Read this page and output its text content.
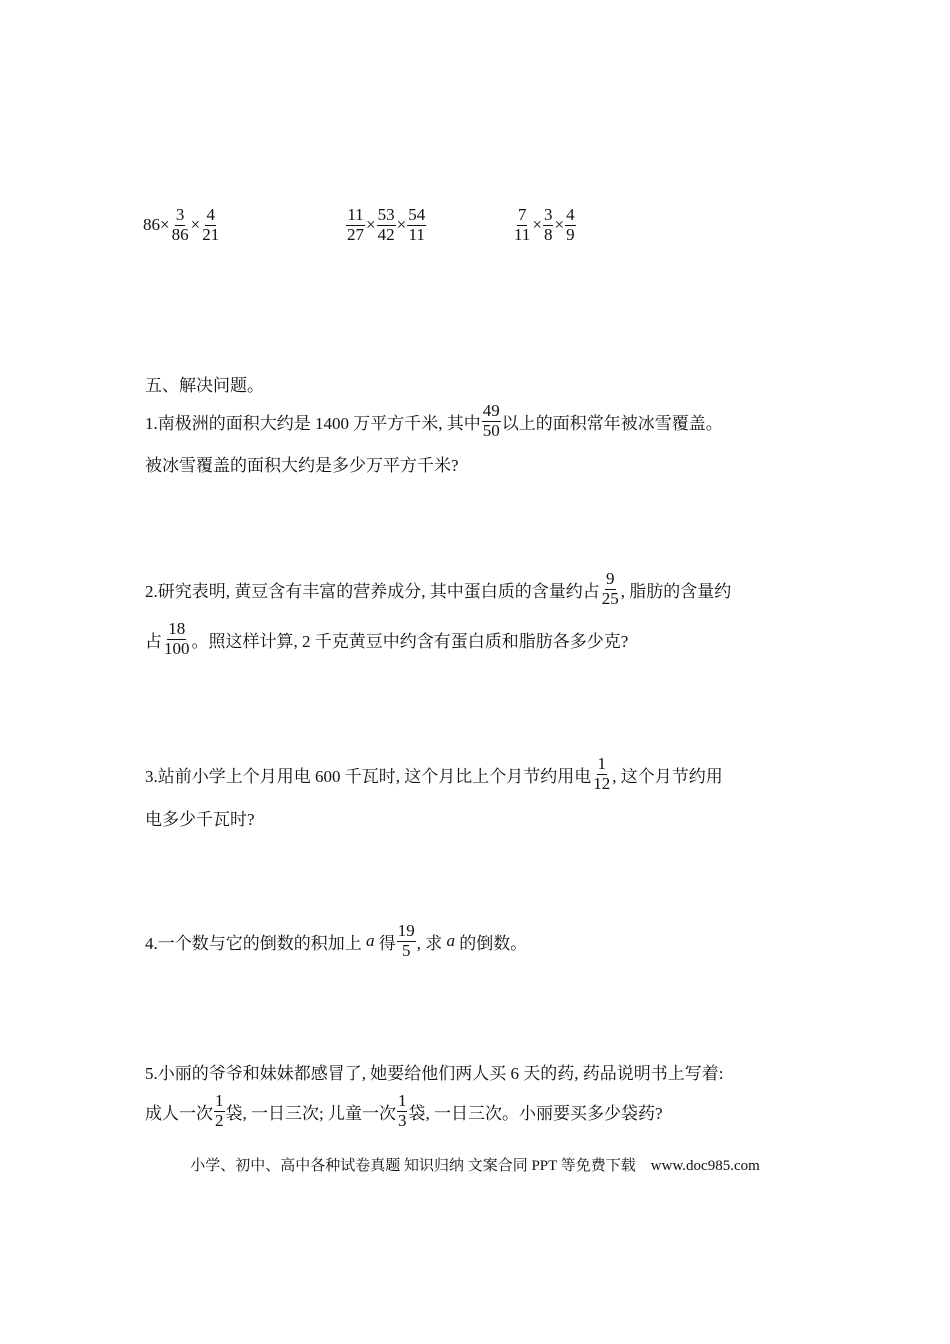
$86\times \frac{3}{86} \times \frac{4}{21}$	$\frac{11}{27} \times \frac{53}{42} \times \frac{54}{11}$	$\frac{7}{11} \times \frac{3}{8} \times \frac{4}{9}$
五、解决问题。
1.南极洲的面积大约是 1400 万平方千米, 其中 $\frac{49}{50}$ 以上的面积常年被冰雪覆盖。
被冰雪覆盖的面积大约是多少万平方千米?
2.研究表明, 黄豆含有丰富的营养成分, 其中蛋白质的含量约占 $\frac{9}{25}$ , 脂肪的含量约
占 $\frac{18}{100}$ 。照这样计算, 2 千克黄豆中约含有蛋白质和脂肪各多少克?
3.站前小学上个月用电 600 千瓦时, 这个月比上个月节约用电 $\frac{1}{12}$ , 这个月节约用
电多少千瓦时?
4.一个数与它的倒数的积加上 a 得 $\frac{19}{5}$ , 求 a 的倒数。
5.小丽的爷爷和妹妹都感冒了, 她要给他们两人买 6 天的药, 药品说明书上写着:
成人一次 $\frac{1}{2}$ 袋, 一日三次; 儿童一次 $\frac{1}{3}$ 袋, 一日三次。小丽要买多少袋药?
小学、初中、高中各种试卷真题 知识归纳 文案合同 PPT 等免费下载　www.doc985.com
